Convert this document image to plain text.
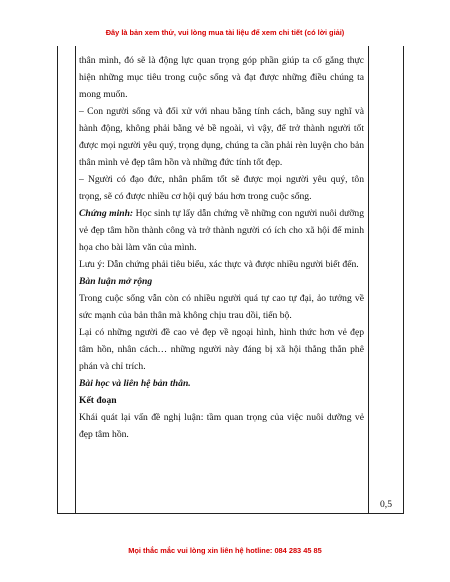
Đây là bản xem thử, vui lòng mua tài liệu để xem chi tiết (có lời giải)

thân mình, đó sẽ là động lực quan trọng góp phần giúp ta cố gắng thực hiện những mục tiêu trong cuộc sống và đạt được những điều chúng ta mong muốn.

– Con người sống và đối xử với nhau bằng tính cách, bằng suy nghĩ và hành động, không phải bằng vẻ bề ngoài, vì vậy, để trở thành người tốt được mọi người yêu quý, trọng dụng, chúng ta cần phải rèn luyện cho bản thân mình vẻ đẹp tâm hồn và những đức tính tốt đẹp.

– Người có đạo đức, nhân phẩm tốt sẽ được mọi người yêu quý, tôn trọng, sẽ có được nhiều cơ hội quý báu hơn trong cuộc sống.

Chứng minh: Học sinh tự lấy dẫn chứng về những con người nuôi dưỡng vẻ đẹp tâm hồn thành công và trở thành người có ích cho xã hội để minh họa cho bài làm văn của mình.

Lưu ý: Dẫn chứng phải tiêu biểu, xác thực và được nhiều người biết đến.

Bàn luận mở rộng

Trong cuộc sống vẫn còn có nhiều người quá tự cao tự đại, ảo tưởng về sức mạnh của bản thân mà không chịu trau dồi, tiến bộ.

Lại có những người đề cao vẻ đẹp về ngoại hình, hình thức hơn vẻ đẹp tâm hồn, nhân cách… những người này đáng bị xã hội thẳng thắn phê phán và chỉ trích.

Bài học và liên hệ bản thân.

Kết đoạn

Khái quát lại vấn đề nghị luận: tầm quan trọng của việc nuôi dưỡng vẻ đẹp tâm hồn.

0,5
Mọi thắc mắc vui lòng xin liên hệ hotline: 084 283 45 85
